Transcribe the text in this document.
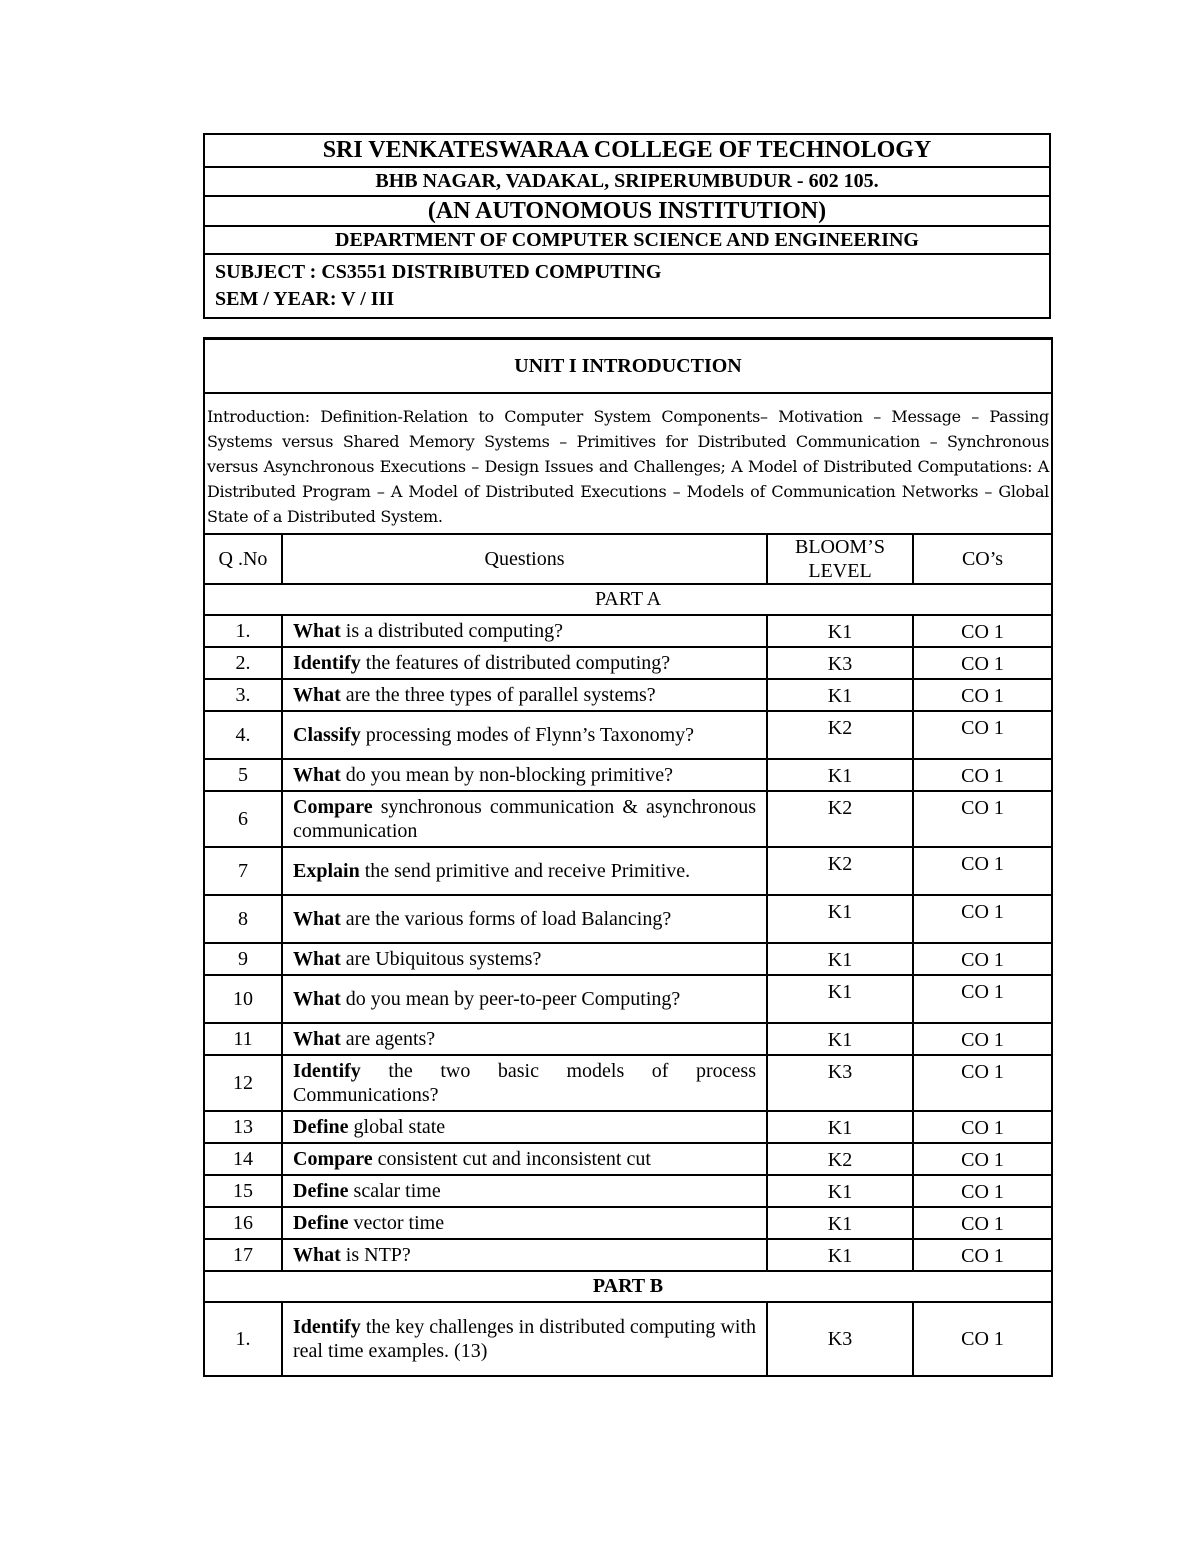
SRI VENKATESWARAA COLLEGE OF TECHNOLOGY
BHB NAGAR, VADAKAL, SRIPERUMBUDUR - 602 105.
(AN AUTONOMOUS INSTITUTION)
DEPARTMENT OF COMPUTER SCIENCE AND ENGINEERING

SUBJECT : CS3551 DISTRIBUTED COMPUTING
SEM / YEAR: V / III
UNIT I INTRODUCTION			
Introduction: Definition-Relation to Computer System Components– Motivation – Message – Passing Systems versus Shared Memory Systems – Primitives for Distributed Communication – Synchronous versus Asynchronous Executions – Design Issues and Challenges; A Model of Distributed Computations: A Distributed Program – A Model of Distributed Executions – Models of Communication Networks – Global State of a Distributed System.			
Q .No	Questions	BLOOM’S LEVEL	CO’s
PART A			
1.	What is a distributed computing?	K1	CO 1
2.	Identify the features of distributed computing?	K3	CO 1
3.	What are the three types of parallel systems?	K1	CO 1
4.	Classify processing modes of Flynn’s Taxonomy?	K2	CO 1
5	What do you mean by non-blocking primitive?	K1	CO 1
6	Compare synchronous communication & asynchronous communication	K2	CO 1
7	Explain the send primitive and receive Primitive.	K2	CO 1
8	What are the various forms of load Balancing?	K1	CO 1
9	What are Ubiquitous systems?	K1	CO 1
10	What do you mean by peer-to-peer Computing?	K1	CO 1
11	What are agents?	K1	CO 1
12	Identify the two basic models of process Communications?	K3	CO 1
13	Define global state	K1	CO 1
14	Compare consistent cut and inconsistent cut	K2	CO 1
15	Define scalar time	K1	CO 1
16	Define vector time	K1	CO 1
17	What is NTP?	K1	CO 1
PART B			
1.	Identify the key challenges in distributed computing with real time examples. (13)	K3	CO 1
